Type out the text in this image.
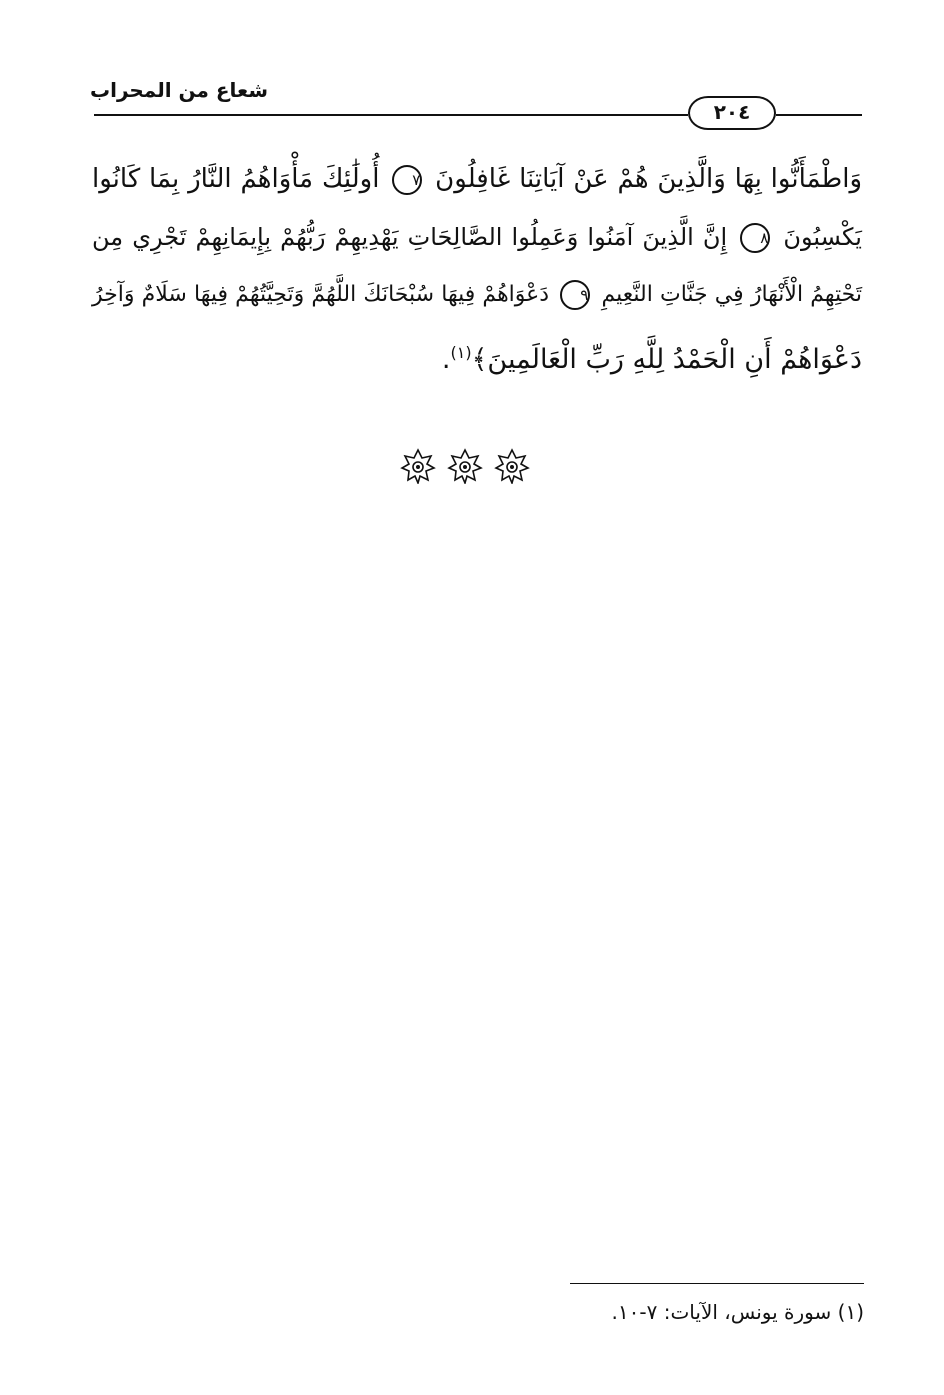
شعاع من المحراب
٢٠٤
وَاطْمَأَنُّوا بِهَا وَالَّذِينَ هُمْ عَنْ آيَاتِنَا غَافِلُونَ ٧ أُولَٰئِكَ مَأْوَاهُمُ النَّارُ بِمَا كَانُوا
يَكْسِبُونَ ٨ إِنَّ الَّذِينَ آمَنُوا وَعَمِلُوا الصَّالِحَاتِ يَهْدِيهِمْ رَبُّهُمْ بِإِيمَانِهِمْ تَجْرِي مِن
تَحْتِهِمُ الْأَنْهَارُ فِي جَنَّاتِ النَّعِيمِ ٩ دَعْوَاهُمْ فِيهَا سُبْحَانَكَ اللَّهُمَّ وَتَحِيَّتُهُمْ فِيهَا سَلَامٌ وَآخِرُ
دَعْوَاهُمْ أَنِ الْحَمْدُ لِلَّهِ رَبِّ الْعَالَمِينَ﴾$^{(١)}$.
(١) سورة يونس، الآيات: ٧-١٠.
